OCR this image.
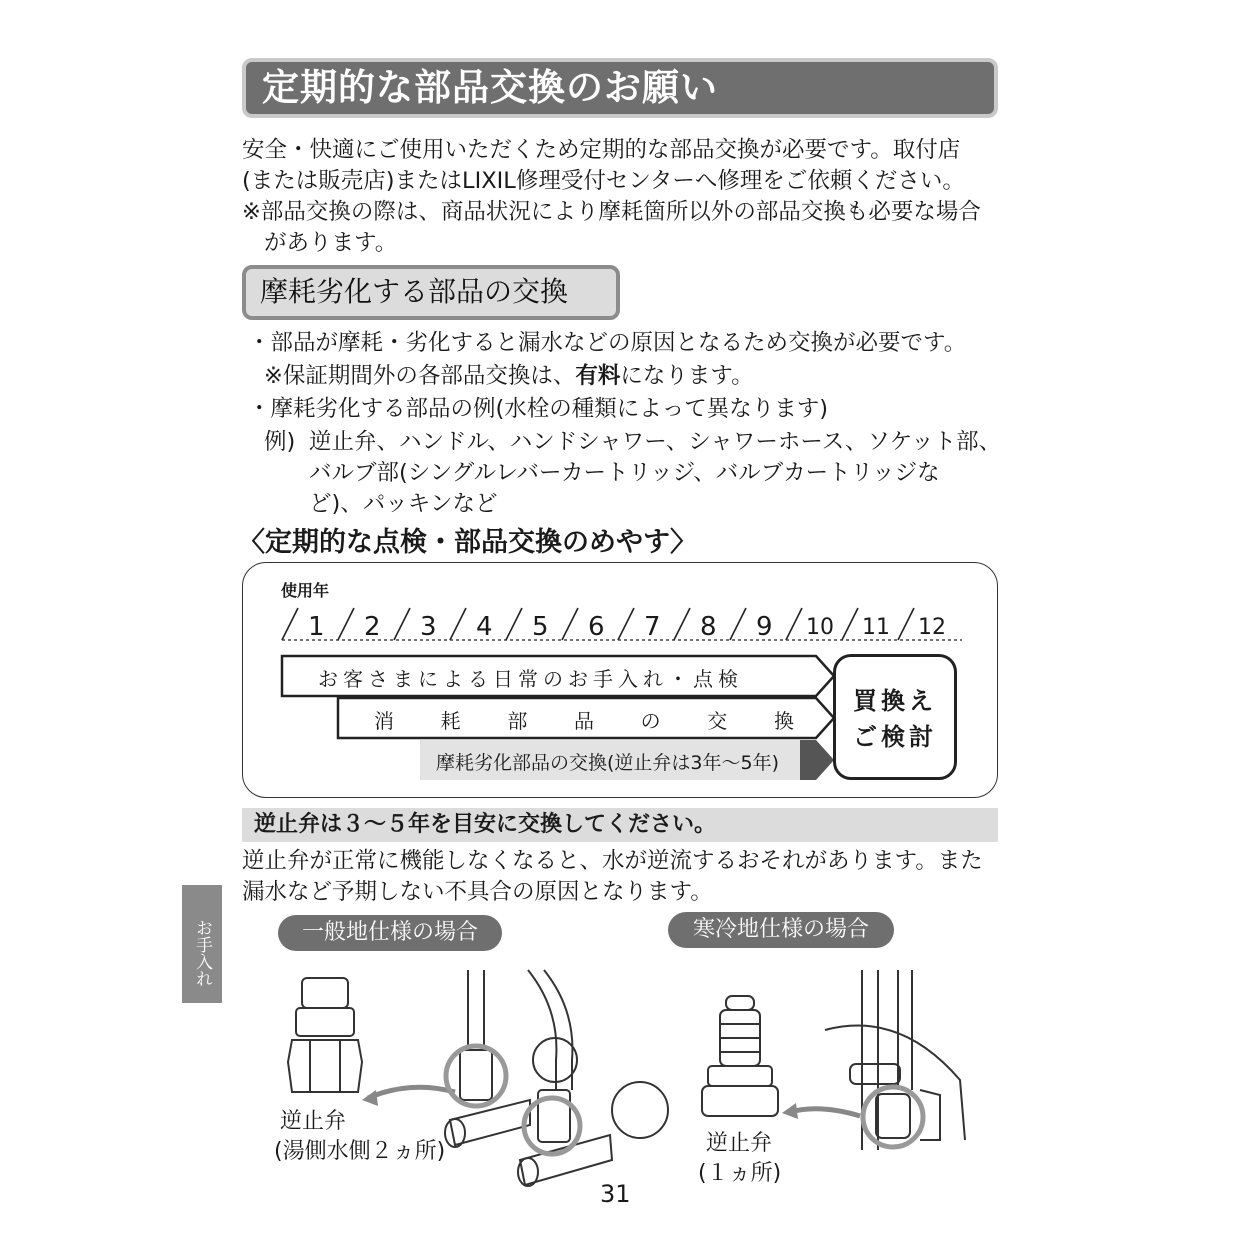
定期的な部品交換のお願い
安全・快適にご使用いただくため定期的な部品交換が必要です。取付店
(または販売店)またはLIXIL修理受付センターへ修理をご依頼ください。
※部品交換の際は、商品状況により摩耗箇所以外の部品交換も必要な場合
があります。
摩耗劣化する部品の交換
・部品が摩耗・劣化すると漏水などの原因となるため交換が必要です。
※保証期間外の各部品交換は、有料になります。
・摩耗劣化する部品の例(水栓の種類によって異なります)
例) 逆止弁、ハンドル、ハンドシャワー、シャワーホース、ソケット部、
バルブ部(シングルレバーカートリッジ、バルブカートリッジな
ど)、パッキンなど
〈定期的な点検・部品交換のめやす〉
使用年
1 2 3 4 5 6 7 8 9 10 11 12
お客さまによる日常のお手入れ・点検
消 耗 部 品 の 交 換
摩耗劣化部品の交換(逆止弁は3年〜5年)
買換え
ご検討
逆止弁は３〜５年を目安に交換してください。
逆止弁が正常に機能しなくなると、水が逆流するおそれがあります。また
漏水など予期しない不具合の原因となります。
お手入れ	一般地仕様の場合	寒冷地仕様の場合
逆止弁
(湯側水側２ヵ所)	逆止弁
(１ヵ所)
31
